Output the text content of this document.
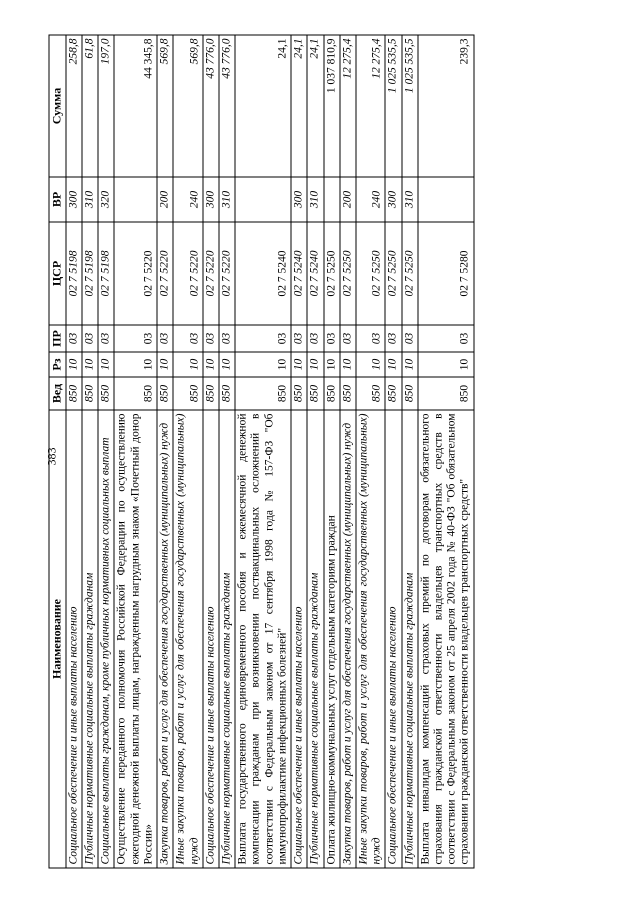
383
Наименование	Вед	Рз	ПР	ЦСР	ВР	Сумма
Социальное обеспечение и иные выплаты населению	850	10	03	02 7 5198	300	258,8
Публичные нормативные социальные выплаты гражданам	850	10	03	02 7 5198	310	61,8
Социальные выплаты гражданам, кроме публичных нормативных социальных выплат	850	10	03	02 7 5198	320	197,0
Осуществление переданного полномочия Российской Федерации по осуществлению ежегодной денежной выплаты лицам, награжденным нагрудным знаком «Почетный донор России»	850	10	03	02 7 5220		44 345,8
Закупка товаров, работ и услуг для обеспечения государственных (муниципальных) нужд	850	10	03	02 7 5220	200	569,8
Иные закупки товаров, работ и услуг для обеспечения государственных (муниципальных) нужд	850	10	03	02 7 5220	240	569,8
Социальное обеспечение и иные выплаты населению	850	10	03	02 7 5220	300	43 776,0
Публичные нормативные социальные выплаты гражданам	850	10	03	02 7 5220	310	43 776,0
Выплата государственного единовременного пособия и ежемесячной денежной компенсации гражданам при возникновении поствакцинальных осложнений в соответствии с Федеральным законом от 17 сентября 1998 года № 157-ФЗ "Об иммунопрофилактике инфекционных болезней"	850	10	03	02 7 5240		24,1
Социальное обеспечение и иные выплаты населению	850	10	03	02 7 5240	300	24,1
Публичные нормативные социальные выплаты гражданам	850	10	03	02 7 5240	310	24,1
Оплата жилищно-коммунальных услуг отдельным категориям граждан	850	10	03	02 7 5250		1 037 810,9
Закупка товаров, работ и услуг для обеспечения государственных (муниципальных) нужд	850	10	03	02 7 5250	200	12 275,4
Иные закупки товаров, работ и услуг для обеспечения государственных (муниципальных) нужд	850	10	03	02 7 5250	240	12 275,4
Социальное обеспечение и иные выплаты населению	850	10	03	02 7 5250	300	1 025 535,5
Публичные нормативные социальные выплаты гражданам	850	10	03	02 7 5250	310	1 025 535,5
Выплата инвалидам компенсаций страховых премий по договорам обязательного страхования гражданской ответственности владельцев транспортных средств в соответствии с Федеральным законом от 25 апреля 2002 года № 40-ФЗ "Об обязательном страховании гражданской ответственности владельцев транспортных средств"	850	10	03	02 7 5280		239,3
